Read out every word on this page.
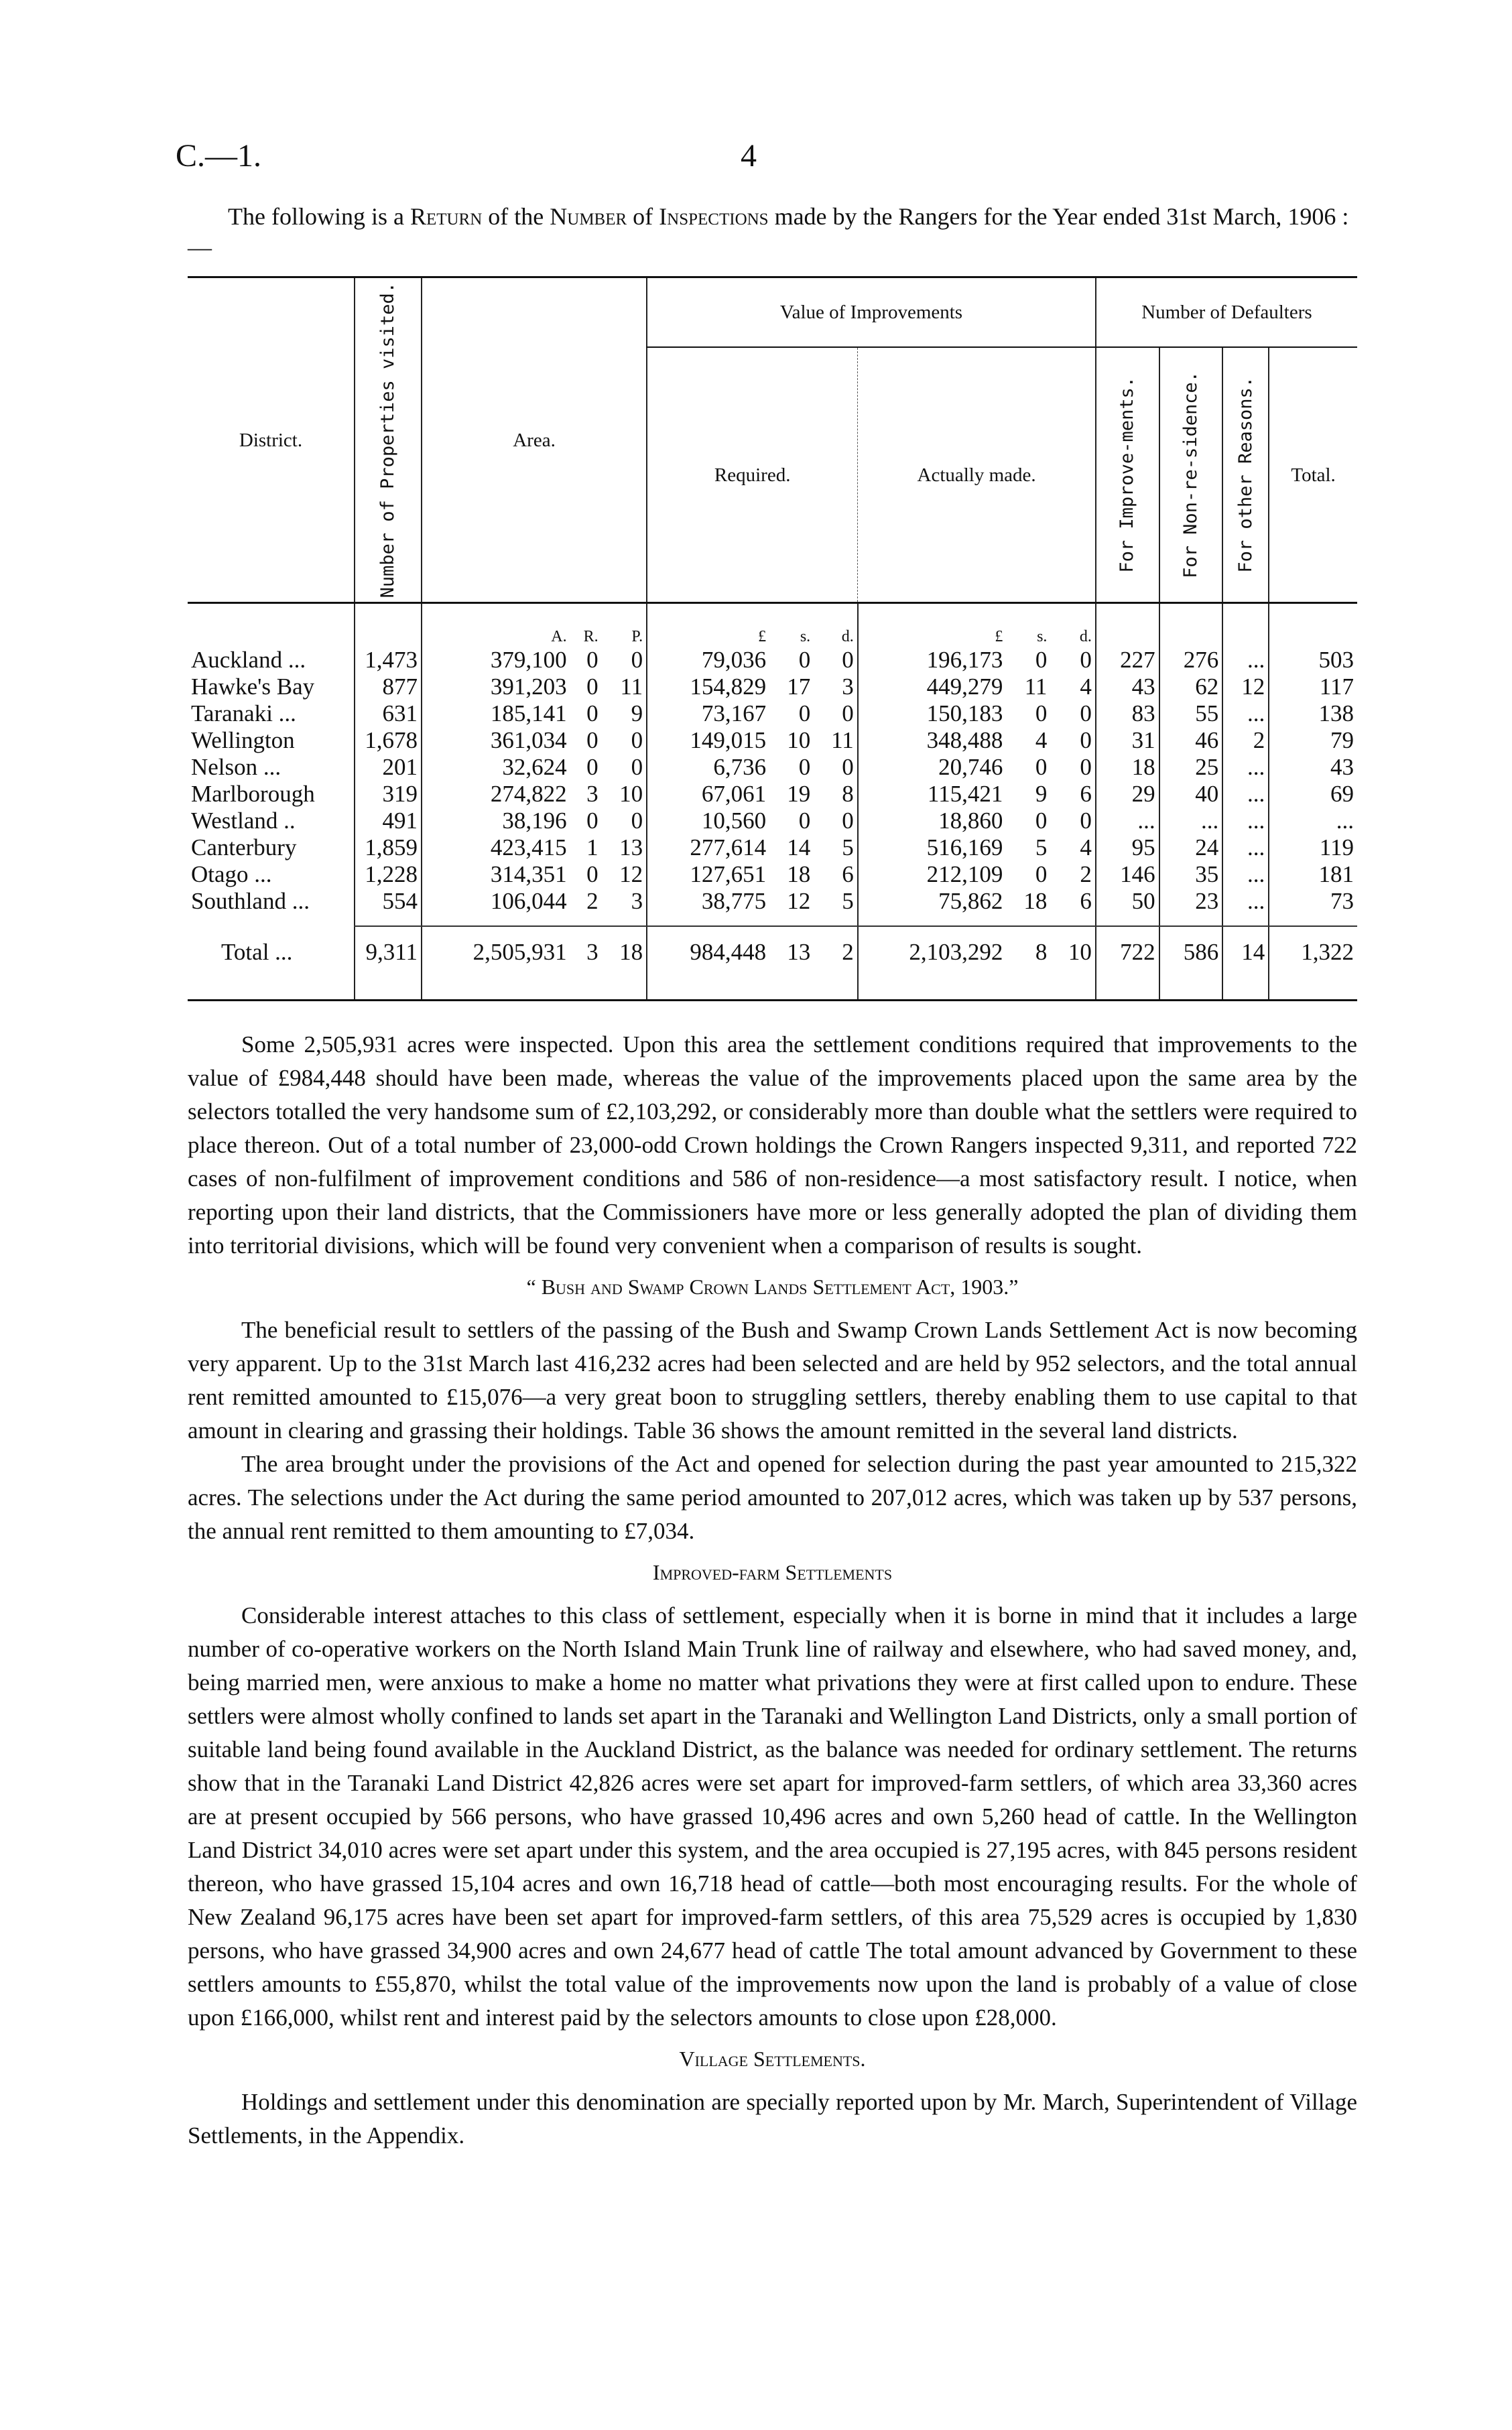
C.—1.	4
The following is a Return of the Number of Inspections made by the Rangers for the Year ended 31st March, 1906 :—
District.	Number of Properties visited.	Area.			Value of Improvements						Number of Defaulters			
					Required.			Actually made.			For Improve-ments.	For Non-re-sidence.	For other Reasons.	Total.
		A.	R.	P.	£	s.	d.	£	s.	d.				
Auckland ...	1,473	379,100	0	0	79,036	0	0	196,173	0	0	227	276	...	503
Hawke's Bay	877	391,203	0	11	154,829	17	3	449,279	11	4	43	62	12	117
Taranaki ...	631	185,141	0	9	73,167	0	0	150,183	0	0	83	55	...	138
Wellington	1,678	361,034	0	0	149,015	10	11	348,488	4	0	31	46	2	79
Nelson ...	201	32,624	0	0	6,736	0	0	20,746	0	0	18	25	...	43
Marlborough	319	274,822	3	10	67,061	19	8	115,421	9	6	29	40	...	69
Westland ..	491	38,196	0	0	10,560	0	0	18,860	0	0	...	...	...	...
Canterbury	1,859	423,415	1	13	277,614	14	5	516,169	5	4	95	24	...	119
Otago ...	1,228	314,351	0	12	127,651	18	6	212,109	0	2	146	35	...	181
Southland ...	554	106,044	2	3	38,775	12	5	75,862	18	6	50	23	...	73

Total ...	9,311	2,505,931	3	18	984,448	13	2	2,103,292	8	10	722	586	14	1,322

Some 2,505,931 acres were inspected. Upon this area the settlement conditions required that improvements to the value of £984,448 should have been made, whereas the value of the improvements placed upon the same area by the selectors totalled the very handsome sum of £2,103,292, or considerably more than double what the settlers were required to place thereon. Out of a total number of 23,000-odd Crown holdings the Crown Rangers inspected 9,311, and reported 722 cases of non-fulfilment of improvement conditions and 586 of non-residence—a most satisfactory result. I notice, when reporting upon their land districts, that the Commissioners have more or less generally adopted the plan of dividing them into territorial divisions, which will be found very convenient when a comparison of results is sought.

“ Bush and Swamp Crown Lands Settlement Act, 1903.”

The beneficial result to settlers of the passing of the Bush and Swamp Crown Lands Settlement Act is now becoming very apparent. Up to the 31st March last 416,232 acres had been selected and are held by 952 selectors, and the total annual rent remitted amounted to £15,076—a very great boon to struggling settlers, thereby enabling them to use capital to that amount in clearing and grassing their holdings. Table 36 shows the amount remitted in the several land districts.

The area brought under the provisions of the Act and opened for selection during the past year amounted to 215,322 acres. The selections under the Act during the same period amounted to 207,012 acres, which was taken up by 537 persons, the annual rent remitted to them amounting to £7,034.

Improved-farm Settlements

Considerable interest attaches to this class of settlement, especially when it is borne in mind that it includes a large number of co-operative workers on the North Island Main Trunk line of railway and elsewhere, who had saved money, and, being married men, were anxious to make a home no matter what privations they were at first called upon to endure. These settlers were almost wholly confined to lands set apart in the Taranaki and Wellington Land Districts, only a small portion of suitable land being found available in the Auckland District, as the balance was needed for ordinary settlement. The returns show that in the Taranaki Land District 42,826 acres were set apart for improved-farm settlers, of which area 33,360 acres are at present occupied by 566 persons, who have grassed 10,496 acres and own 5,260 head of cattle. In the Wellington Land District 34,010 acres were set apart under this system, and the area occupied is 27,195 acres, with 845 persons resident thereon, who have grassed 15,104 acres and own 16,718 head of cattle—both most encouraging results. For the whole of New Zealand 96,175 acres have been set apart for improved-farm settlers, of this area 75,529 acres is occupied by 1,830 persons, who have grassed 34,900 acres and own 24,677 head of cattle The total amount advanced by Government to these settlers amounts to £55,870, whilst the total value of the improvements now upon the land is probably of a value of close upon £166,000, whilst rent and interest paid by the selectors amounts to close upon £28,000.

Village Settlements.

Holdings and settlement under this denomination are specially reported upon by Mr. March, Superintendent of Village Settlements, in the Appendix.
